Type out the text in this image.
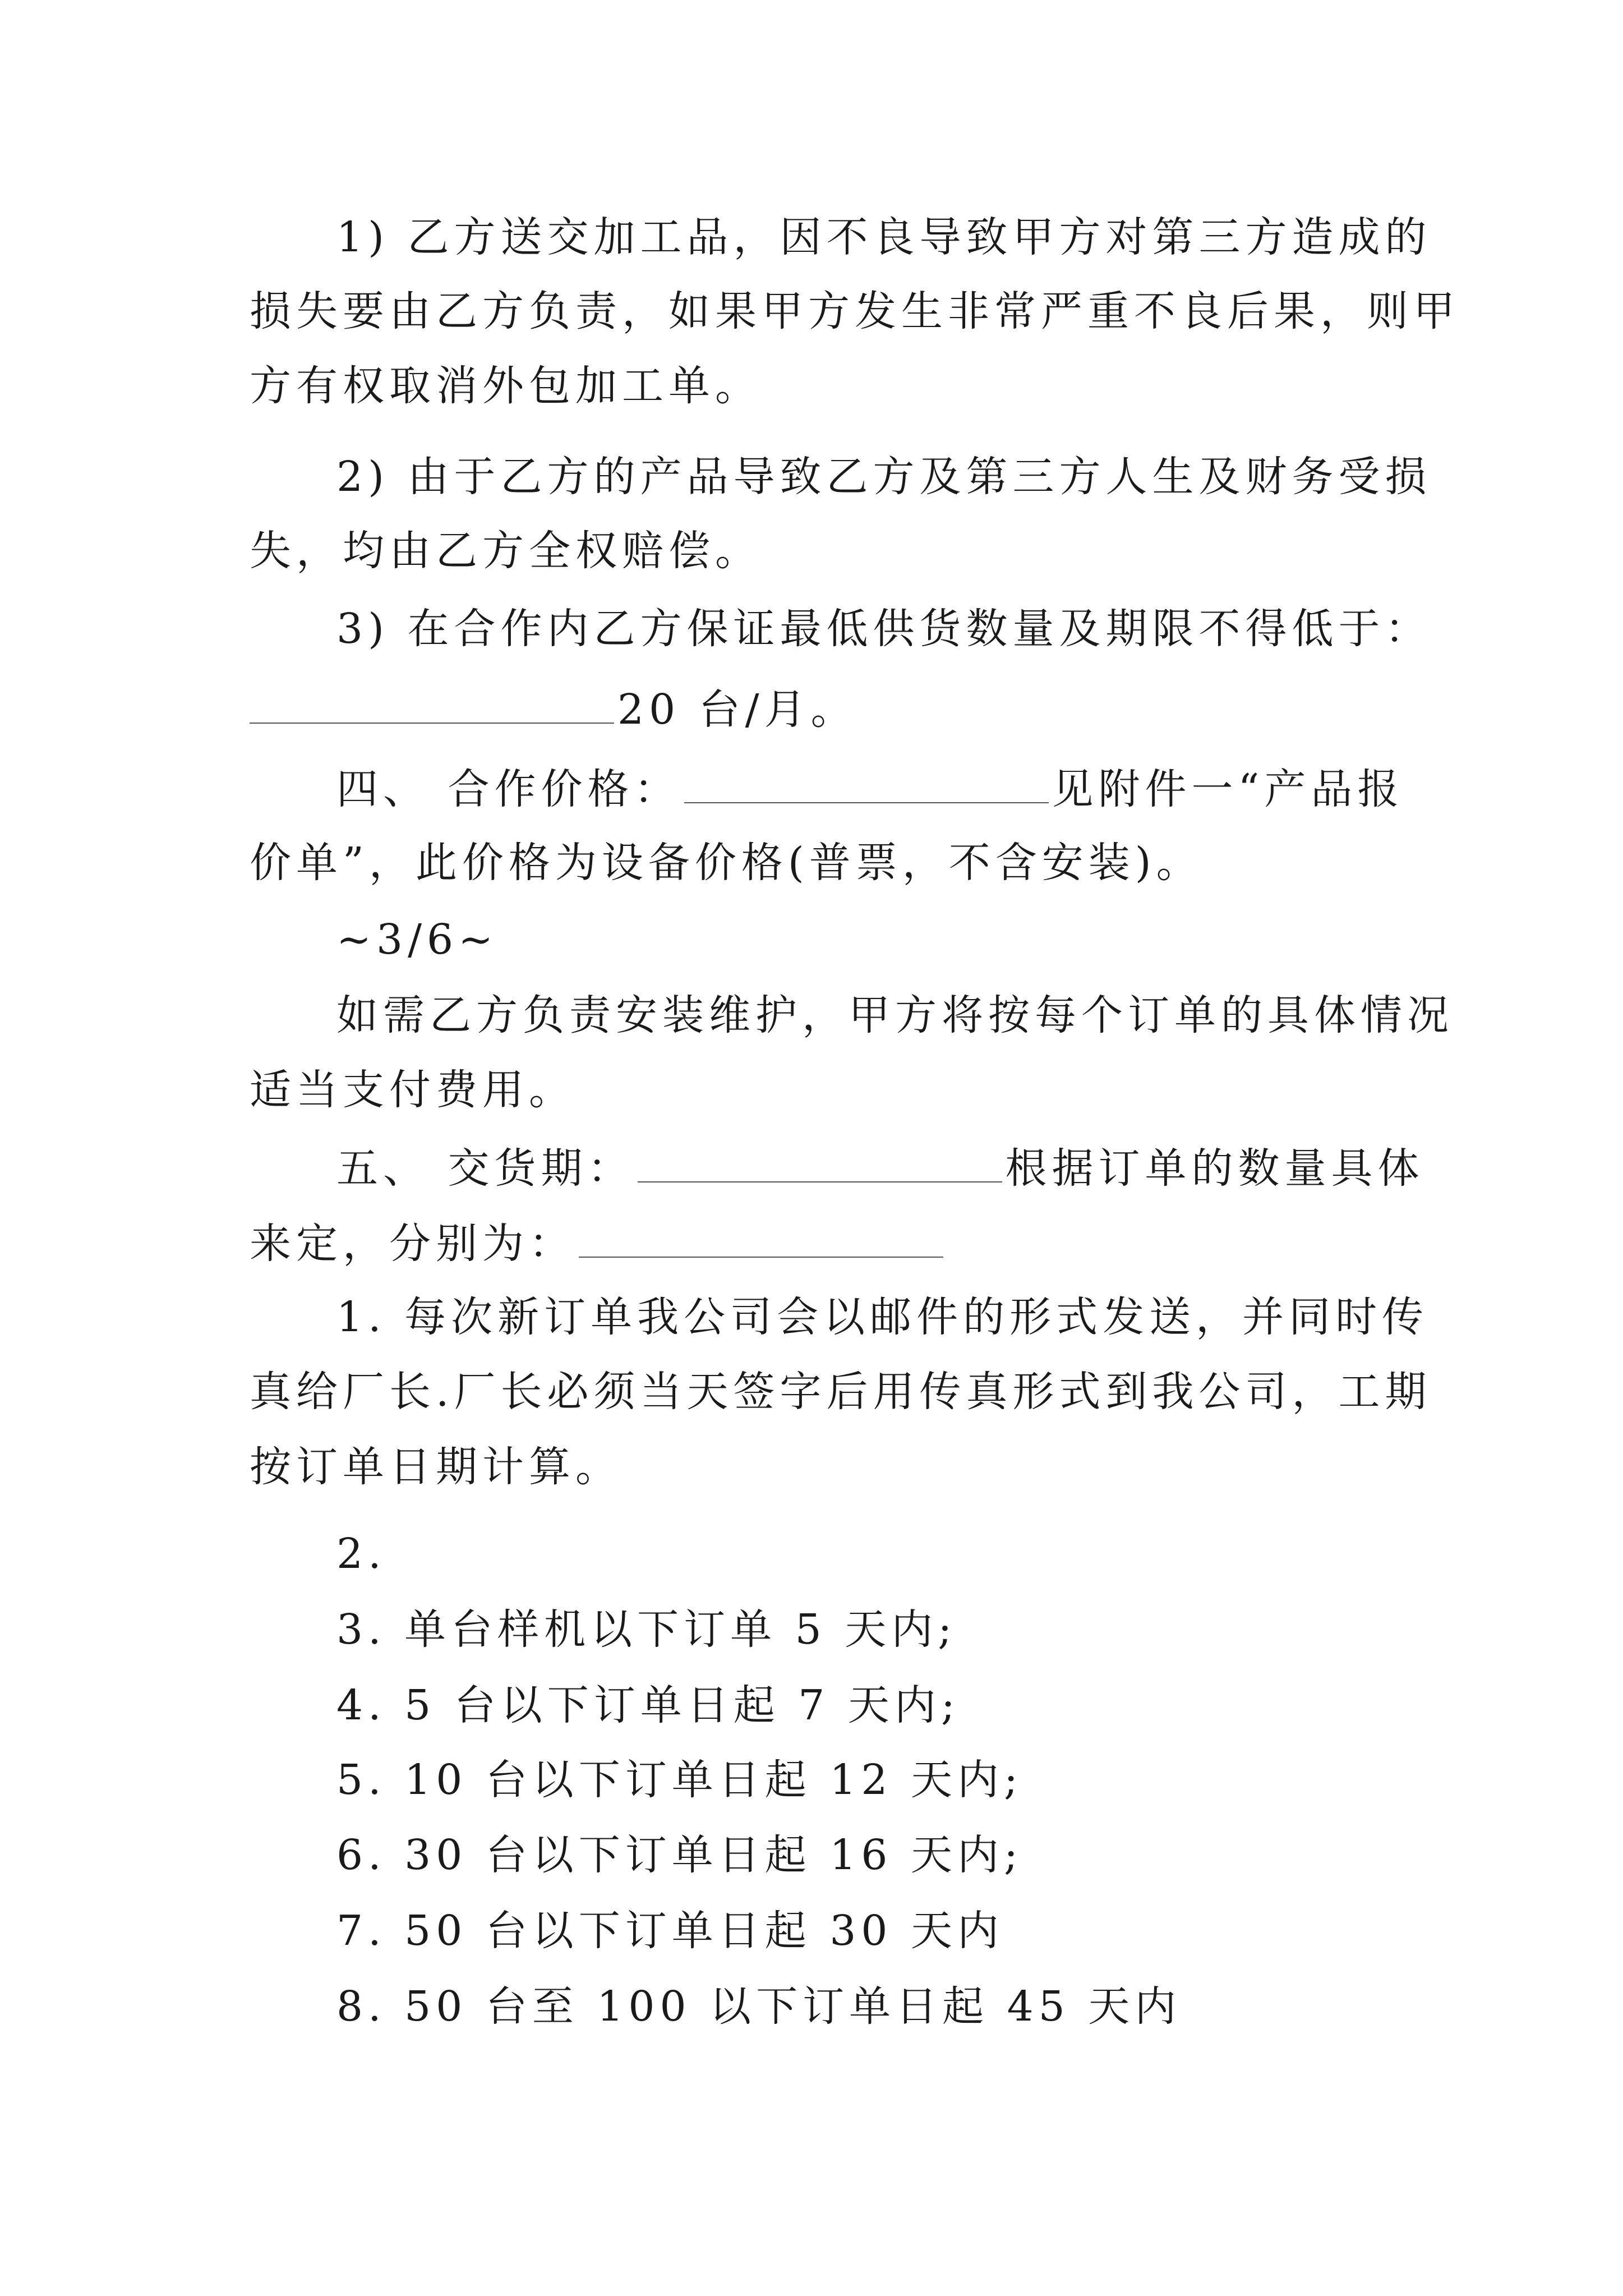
1) 乙方送交加工品，因不良导致甲方对第三方造成的
损失要由乙方负责，如果甲方发生非常严重不良后果，则甲
方有权取消外包加工单。
2) 由于乙方的产品导致乙方及第三方人生及财务受损
失，均由乙方全权赔偿。
3) 在合作内乙方保证最低供货数量及期限不得低于：
20 台/月。
四、 合作价格：	见附件一“产品报
价单”，此价格为设备价格(普票，不含安装)。
~3/6~
如需乙方负责安装维护，甲方将按每个订单的具体情况
适当支付费用。
五、 交货期：	根据订单的数量具体
来定，分别为：
1. 每次新订单我公司会以邮件的形式发送，并同时传
真给厂长.厂长必须当天签字后用传真形式到我公司，工期
按订单日期计算。
2.
3. 单台样机以下订单 5 天内;
4. 5 台以下订单日起 7 天内;
5. 10 台以下订单日起 12 天内;
6. 30 台以下订单日起 16 天内;
7. 50 台以下订单日起 30 天内
8. 50 台至 100 以下订单日起 45 天内
